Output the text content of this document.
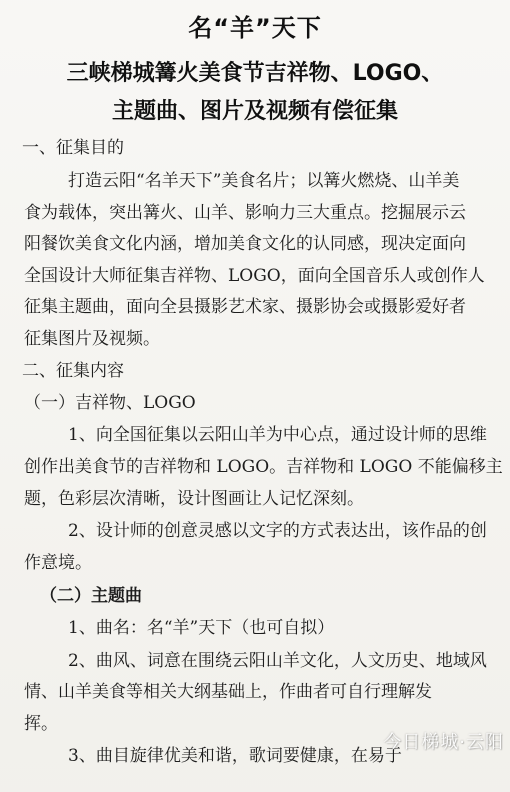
名“羊”天下
三峡梯城篝火美食节吉祥物、LOGO、
主题曲、图片及视频有偿征集

一、征集目的

打造云阳“名羊天下”美食名片；以篝火燃烧、山羊美

食为载体，突出篝火、山羊、影响力三大重点。挖掘展示云

阳餐饮美食文化内涵，增加美食文化的认同感，现决定面向

全国设计大师征集吉祥物、LOGO，面向全国音乐人或创作人

征集主题曲，面向全县摄影艺术家、摄影协会或摄影爱好者

征集图片及视频。

二、征集内容

（一）吉祥物、LOGO

1、向全国征集以云阳山羊为中心点，通过设计师的思维

创作出美食节的吉祥物和 LOGO。吉祥物和 LOGO 不能偏移主

题，色彩层次清晰，设计图画让人记忆深刻。

2、设计师的创意灵感以文字的方式表达出，该作品的创

作意境。

（二）主题曲

1、曲名：名“羊”天下（也可自拟）

2、曲风、词意在围绕云阳山羊文化，人文历史、地域风

情、山羊美食等相关大纲基础上，作曲者可自行理解发

挥。

3、曲目旋律优美和谐，歌词要健康，在易于

今日梯城·云阳
